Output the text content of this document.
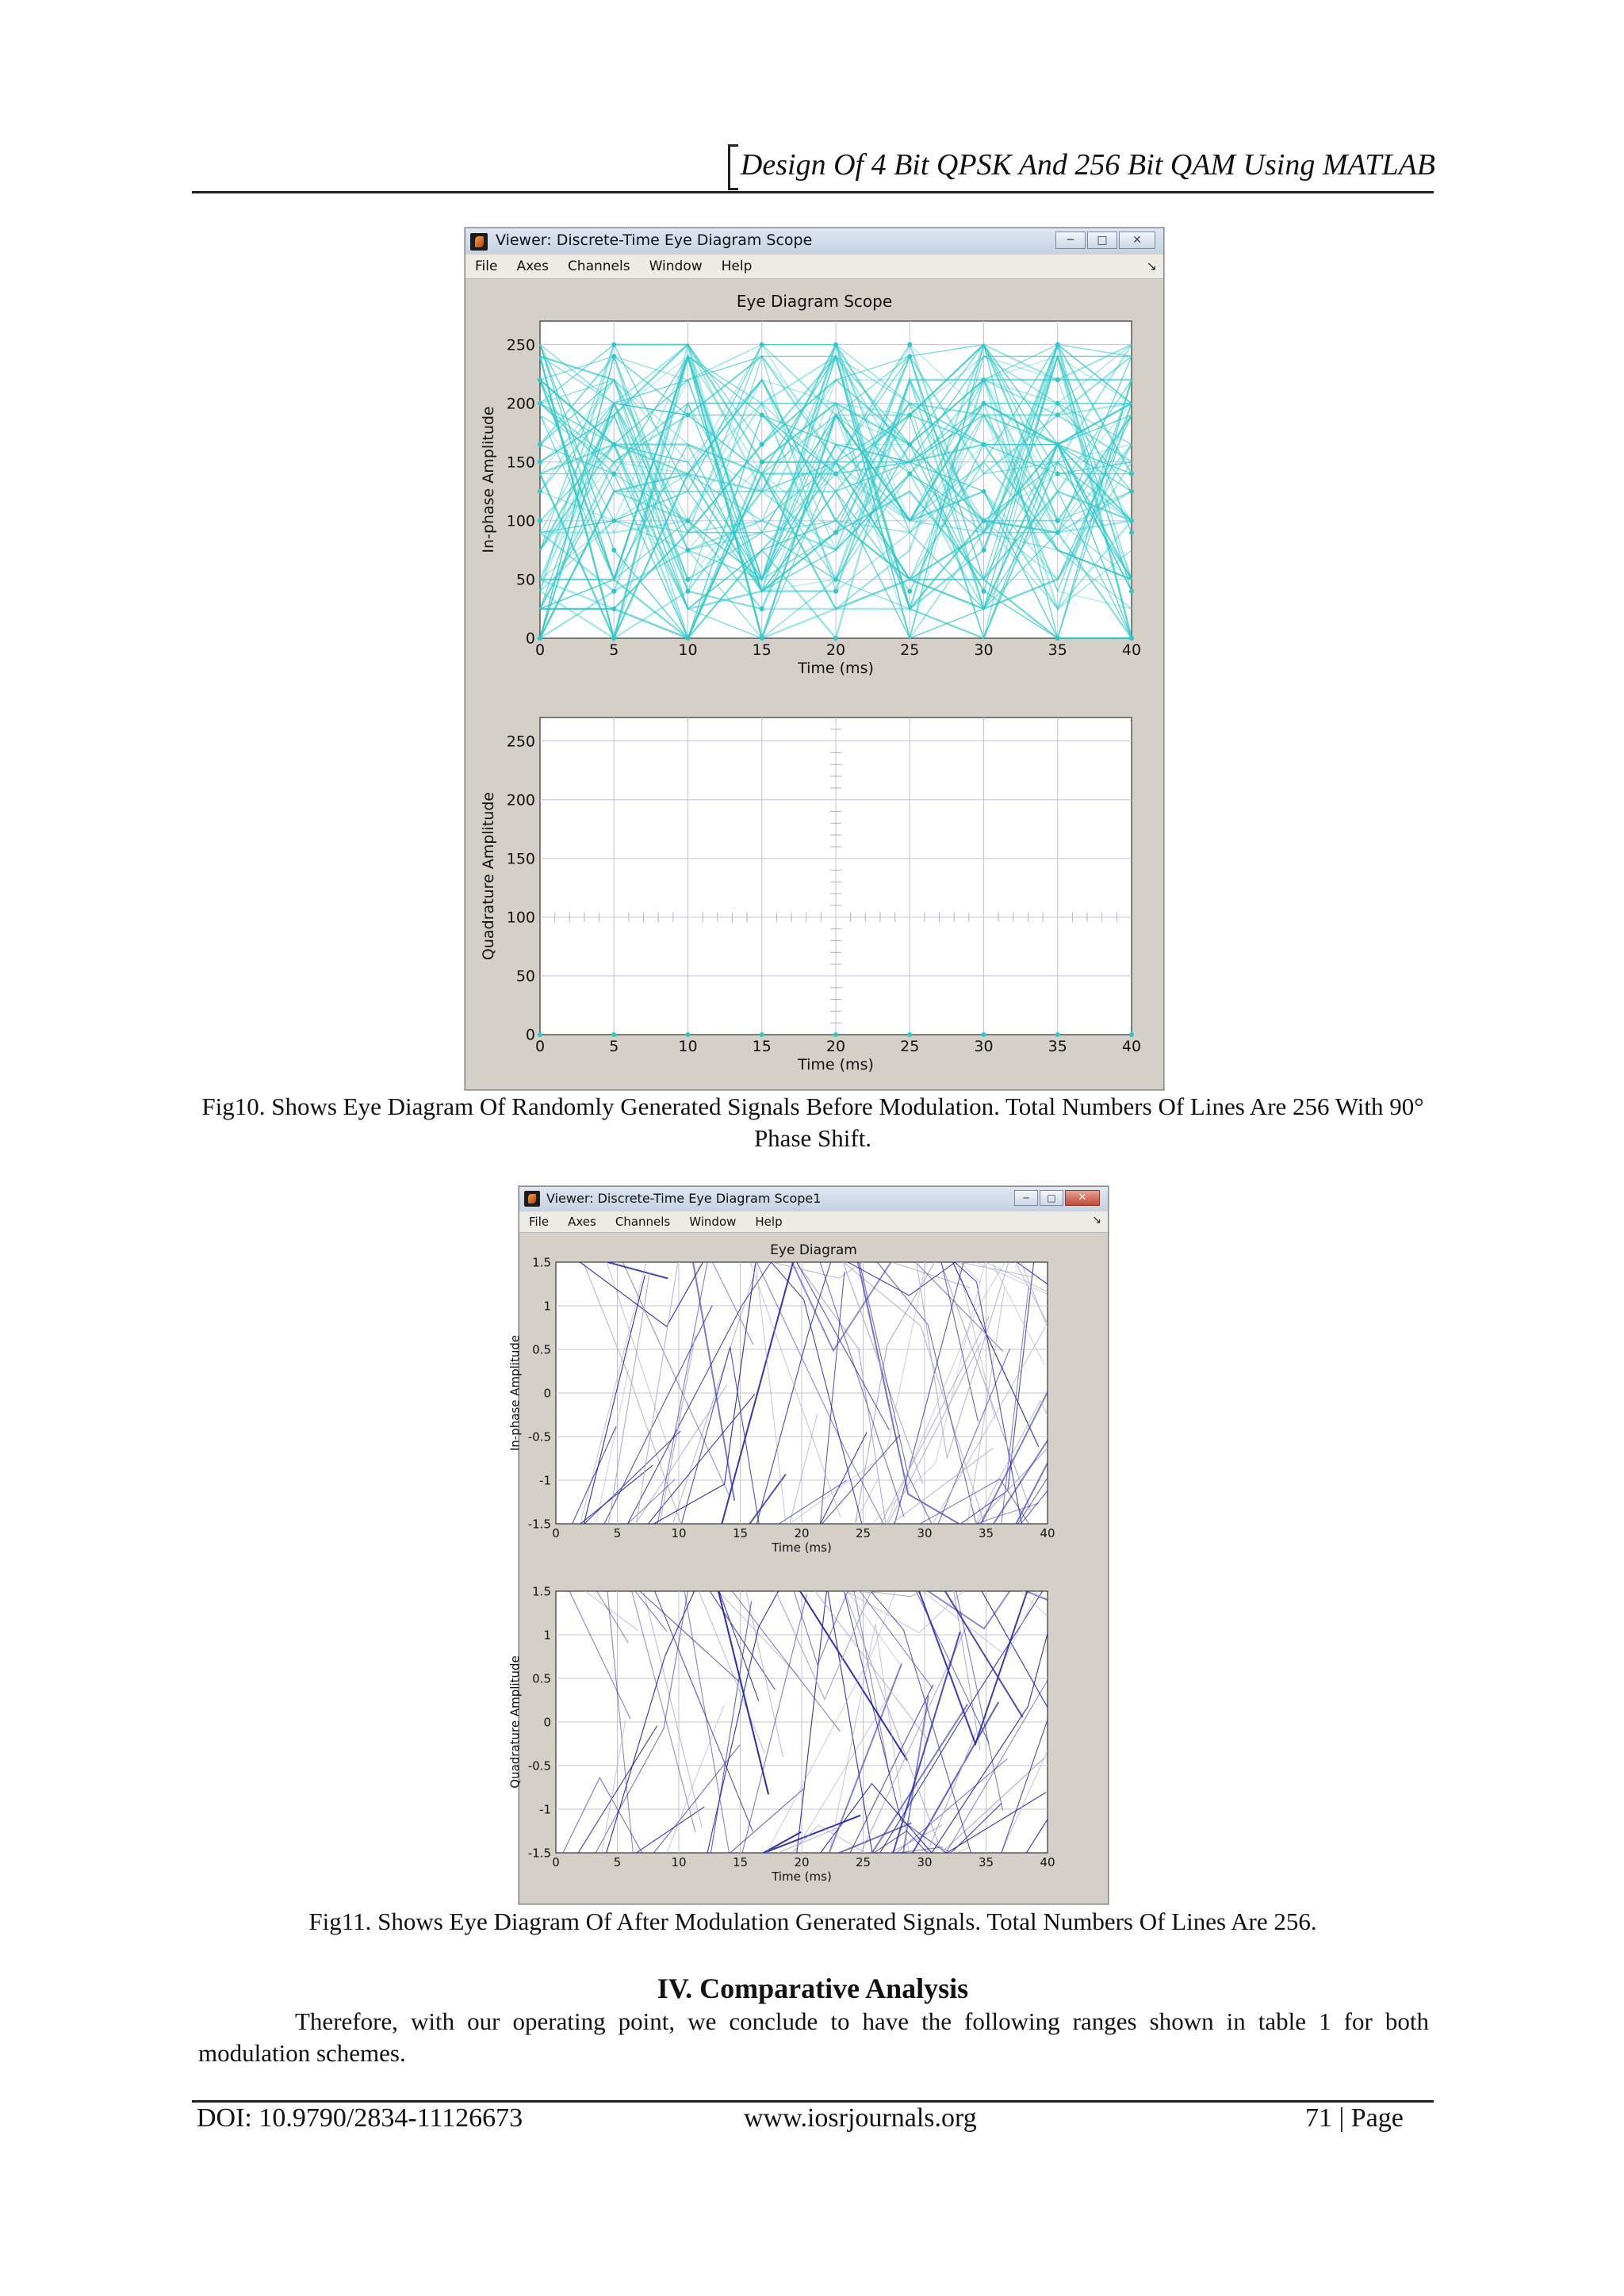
Design Of 4 Bit QPSK And 256 Bit QAM Using MATLAB
Viewer: Discrete-Time Eye Diagram Scope	─	□	✕
File	Axes	Channels	Window	Help	↘
Eye Diagram Scope
0	5	10	15	20	25	30	35	40
0
50
100
150
200
250
Time (ms)
In-phase Amplitude
0	5	10	15	20	25	30	35	40
0
50
100
150
200
250
Time (ms)
Quadrature Amplitude
Fig10. Shows Eye Diagram Of Randomly Generated Signals Before Modulation. Total Numbers Of Lines Are 256 With 90° Phase Shift.
Viewer: Discrete-Time Eye Diagram Scope1	─	□	✕
File	Axes	Channels	Window	Help	↘
Eye Diagram
0	5	10	15	20	25	30	35	40
-1.5
-1
-0.5
0
0.5
1
1.5
Time (ms)
In-phase Amplitude
0	5	10	15	20	25	30	35	40
-1.5
-1
-0.5
0
0.5
1
1.5
Time (ms)
Quadrature Amplitude
Fig11. Shows Eye Diagram Of After Modulation Generated Signals. Total Numbers Of Lines Are 256.
IV. Comparative Analysis
Therefore, with our operating point, we conclude to have the following ranges shown in table 1 for both modulation schemes.
DOI: 10.9790/2834-11126673	www.iosrjournals.org	71 | Page
